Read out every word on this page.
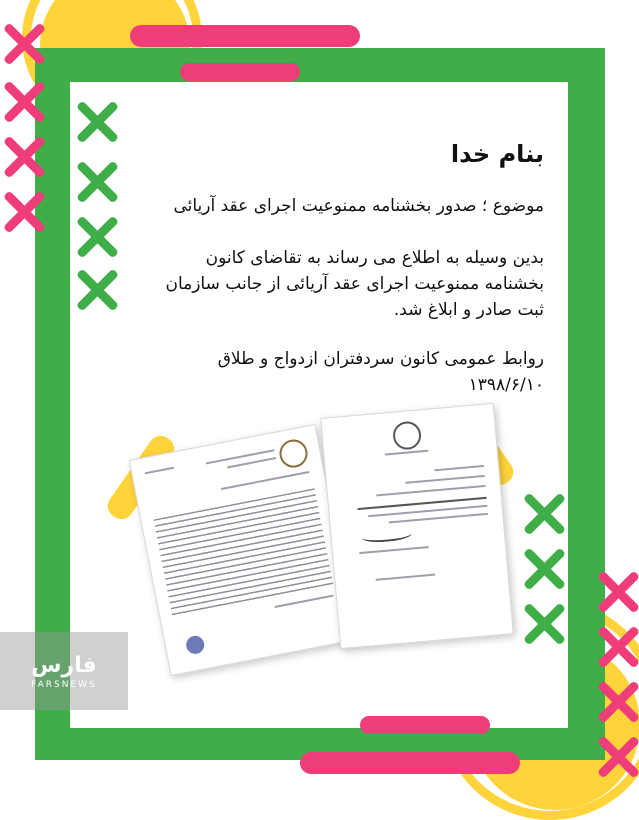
بنام خدا
موضوع ؛ صدور بخشنامه ممنوعیت اجرای عقد آریائی
بدین وسیله به اطلاع می رساند به تقاضای کانون
بخشنامه ممنوعیت اجرای عقد آریائی از جانب سازمان
ثبت صادر و ابلاغ شد.
روابط عمومی کانون سردفتران ازدواج و طلاق
۱۳۹۸/۶/۱۰
فارس
FARSNEWS
